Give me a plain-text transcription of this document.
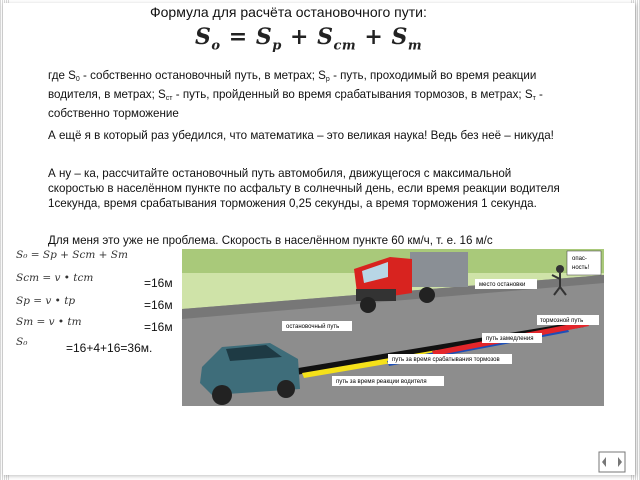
Формула для расчёта остановочного пути:
$S_o = S_р + S_{ст} + S_т$
где $S_0$ - собственно остановочный путь, в метрах; $S_р$ - путь, проходимый во время реакции водителя, в метрах; $S_{ст}$ - путь, пройденный во время срабатывания тормозов, в метрах; $S_т$ - собственно торможение
А ещё я в который раз убедился, что математика – это великая наука! Ведь без неё – никуда!
А ну – ка, рассчитайте остановочный путь автомобиля, движущегося с максимальной скоростью в населённом пункте по асфальту в солнечный день, если время реакции водителя 1секунда, время срабатывания торможения 0,25 секунды, а время торможения 1 секунда.
Для меня это уже не проблема. Скорость в населённом пункте 60 км/ч, т. е. 16 м/с
S₀ = Sр + Sст + Sт
Sст = v • tст
Sр = v • tр
Sт = v • tт
S₀
=16м
=16м
=16м
=16+4+16=36м.
опас-
ность!
место остановки
остановочный путь
тормозной путь
путь замедления
путь за время срабатывания тормозов
путь за время реакции водителя
